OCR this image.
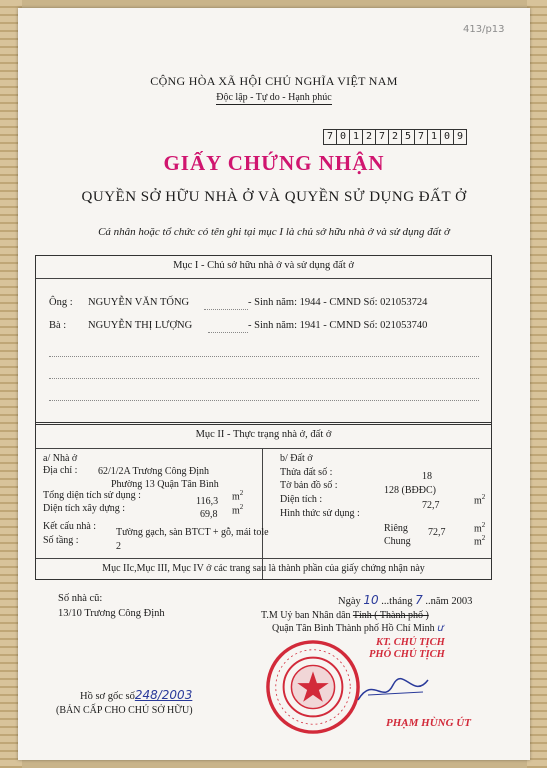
413/p13
CỘNG HÒA XÃ HỘI CHỦ NGHĨA VIỆT NAM
Độc lập - Tự do - Hạnh phúc
7 0 1 2 7 2 5 7 1 0 9
GIẤY CHỨNG NHẬN
QUYỀN SỞ HỮU NHÀ Ở VÀ QUYỀN SỬ DỤNG ĐẤT Ở
Cá nhân hoặc tổ chức có tên ghi tại mục I là chủ sở hữu nhà ở và sử dụng đất ở
Mục I - Chủ sở hữu nhà ở và sử dụng đất ở
Ông : NGUYỄN VĂN TỐNG	- Sinh năm: 1944 - CMND Số: 021053724
Bà : NGUYỄN THỊ LƯỢNG	- Sinh năm: 1941 - CMND Số: 021053740
Mục II - Thực trạng nhà ở, đất ở
a/ Nhà ở
Địa chỉ : 62/1/2A Trương Công Định
Phường 13 Quận Tân Bình
Tổng diện tích sử dụng :
116,3 $m^2$
Diện tích xây dựng :
69,8 $m^2$
Kết cấu nhà :
Tường gạch, sàn BTCT + gỗ, mái tole
Số tầng :
2
b/ Đất ở
Thửa đất số :	18
Tờ bản đồ số :	128 (BĐĐC)
Diện tích :
72,7	$m^2$
Hình thức sử dụng :
Riêng 72,7	$m^2$
Chung	$m^2$
Mục IIc,Mục III, Mục IV ở các trang sau là thành phần của giấy chứng nhận này
Số nhà cũ:
13/10 Trương Công Định
Ngày 10 ...tháng 7 ..năm 2003
T.M Uỷ ban Nhân dân Tỉnh ( Thành phố )
Quận Tân Bình Thành phố Hồ Chí Minh ư
KT. CHỦ TỊCH
PHÓ CHỦ TỊCH
PHẠM HÙNG ÚT
Hồ sơ gốc số248/2003
(BẢN CẤP CHO CHỦ SỞ HỮU)
